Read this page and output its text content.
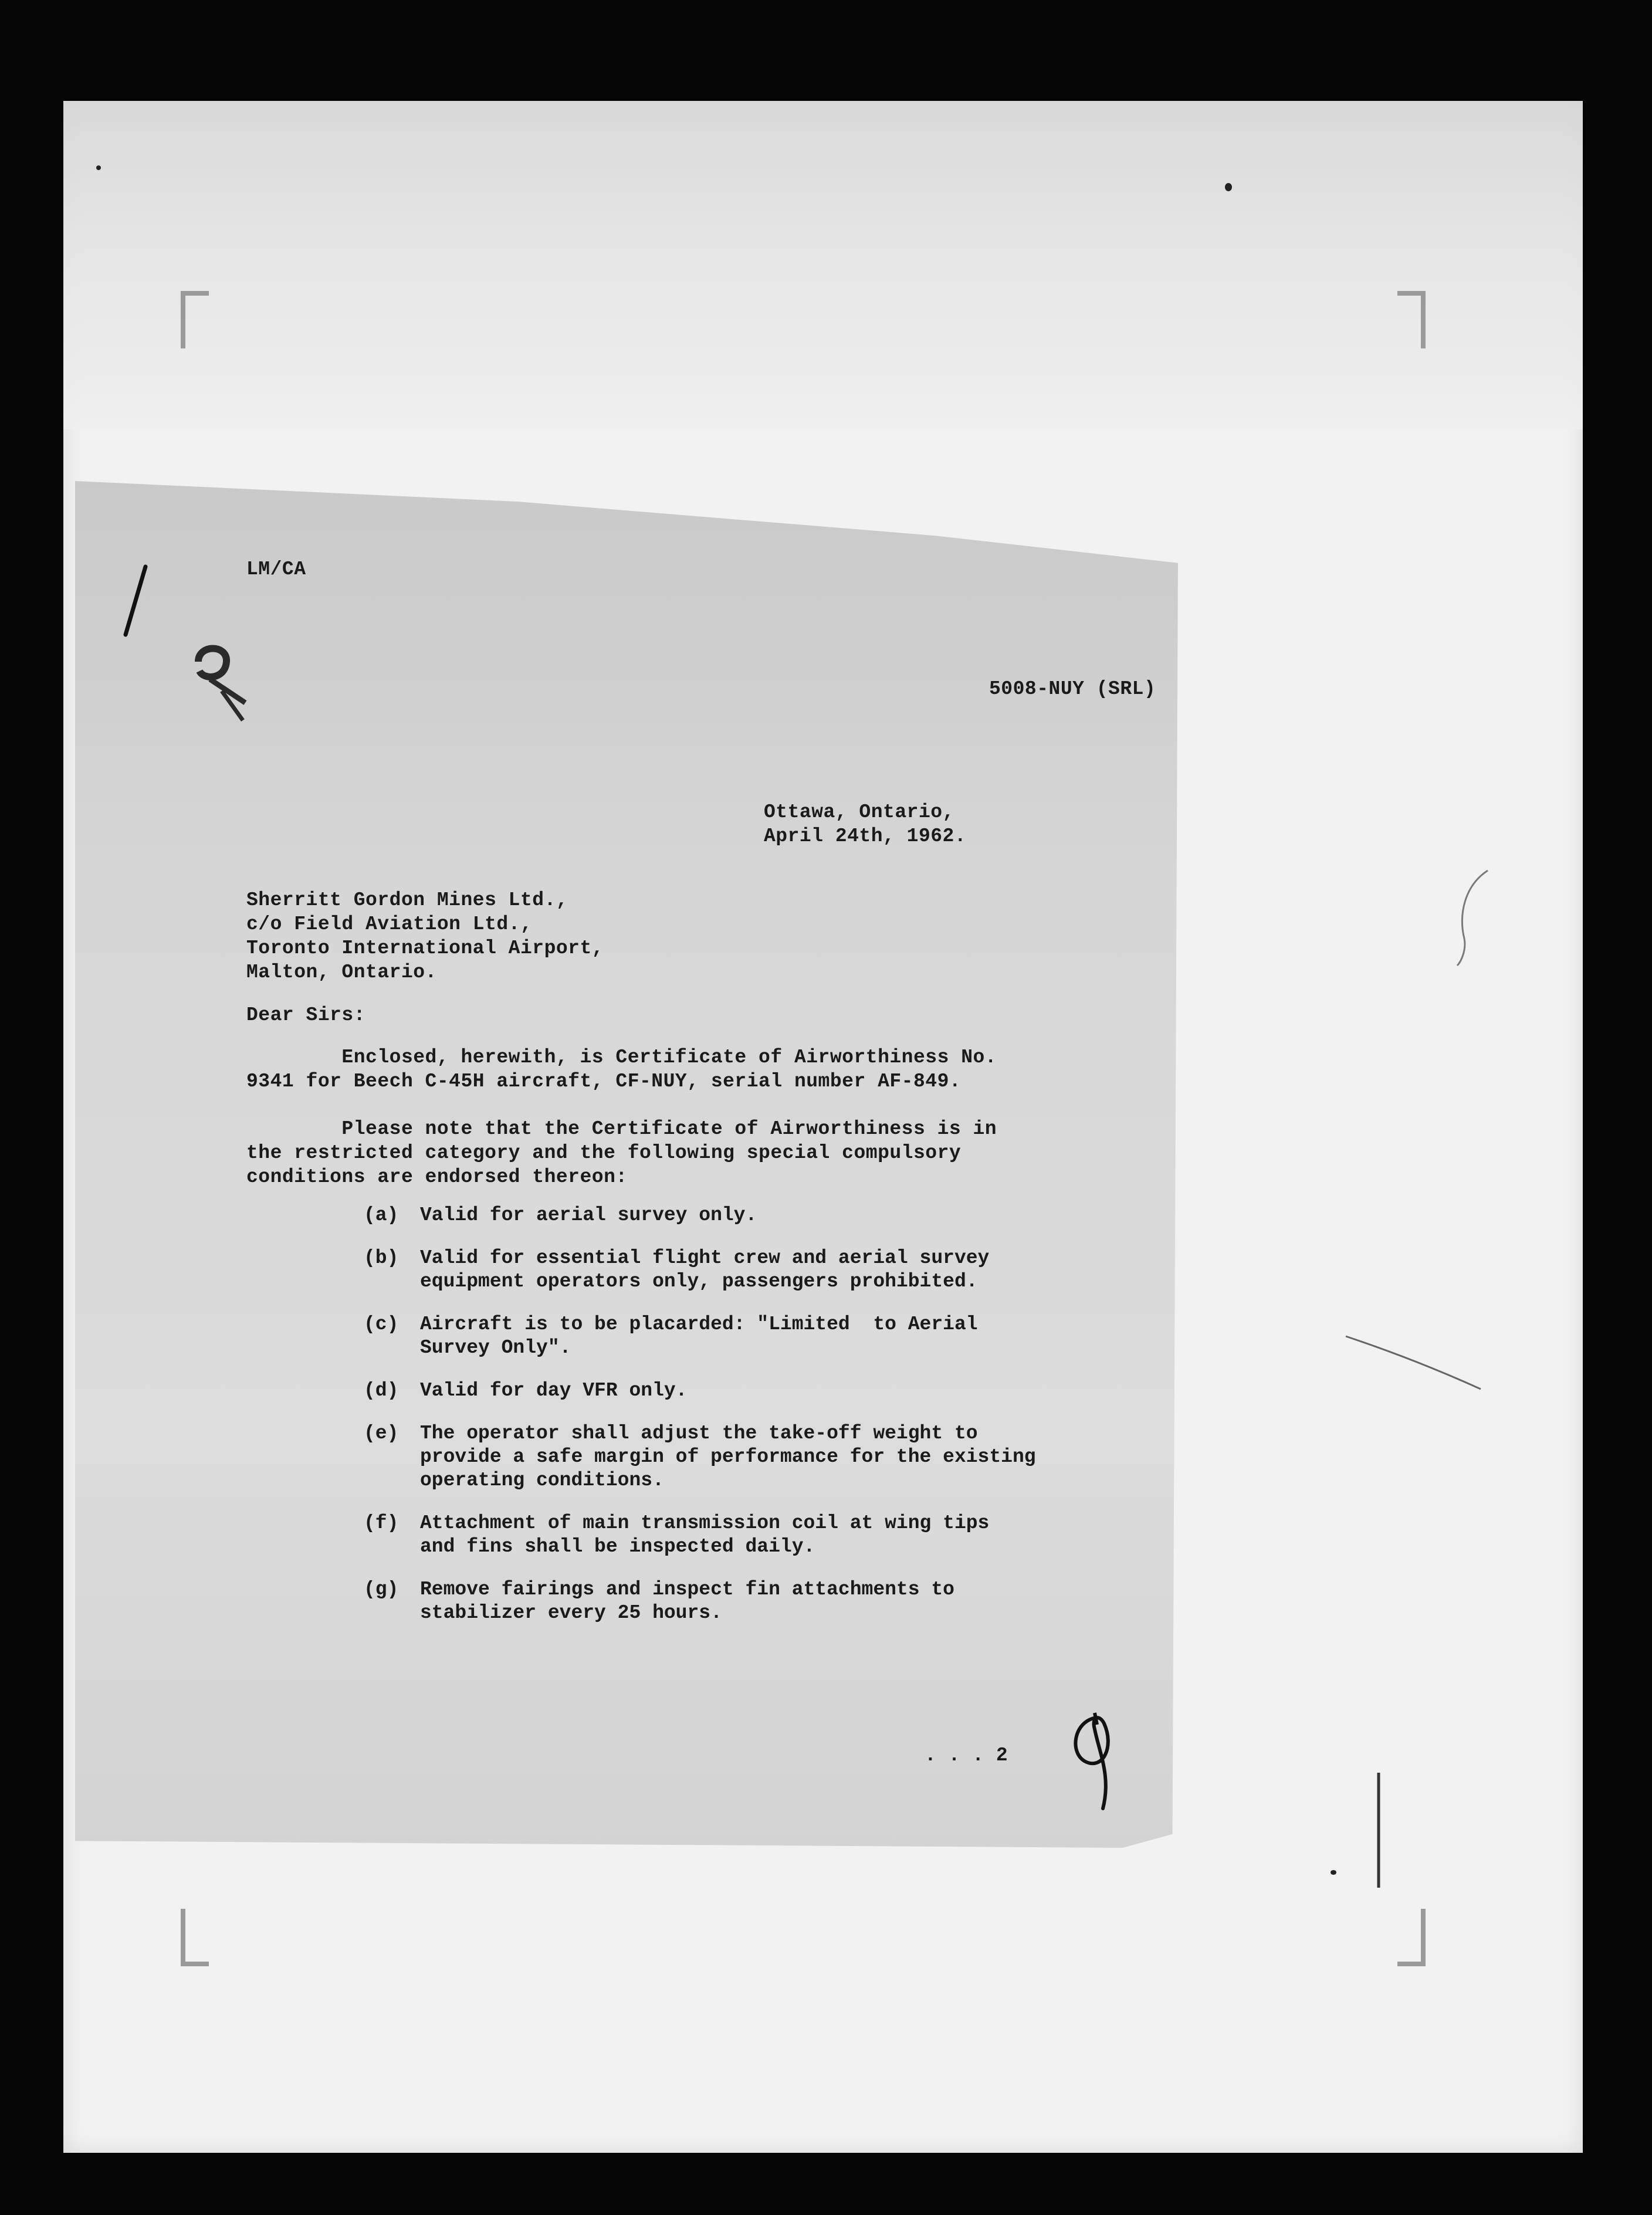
LM/CA
5008-NUY (SRL)
Ottawa, Ontario,
April 24th, 1962.
Sherritt Gordon Mines Ltd.,
c/o Field Aviation Ltd.,
Toronto International Airport,
Malton, Ontario.
Dear Sirs:
Enclosed, herewith, is Certificate of Airworthiness No.
9341 for Beech C-45H aircraft, CF-NUY, serial number AF-849.
Please note that the Certificate of Airworthiness is in
the restricted category and the following special compulsory
conditions are endorsed thereon:
(a)	Valid for aerial survey only.
(b)	Valid for essential flight crew and aerial survey
equipment operators only, passengers prohibited.
(c)	Aircraft is to be placarded: "Limited  to Aerial
Survey Only".
(d)	Valid for day VFR only.
(e)	The operator shall adjust the take-off weight to
provide a safe margin of performance for the existing
operating conditions.
(f)	Attachment of main transmission coil at wing tips
and fins shall be inspected daily.
(g)	Remove fairings and inspect fin attachments to
stabilizer every 25 hours.
. . . 2
